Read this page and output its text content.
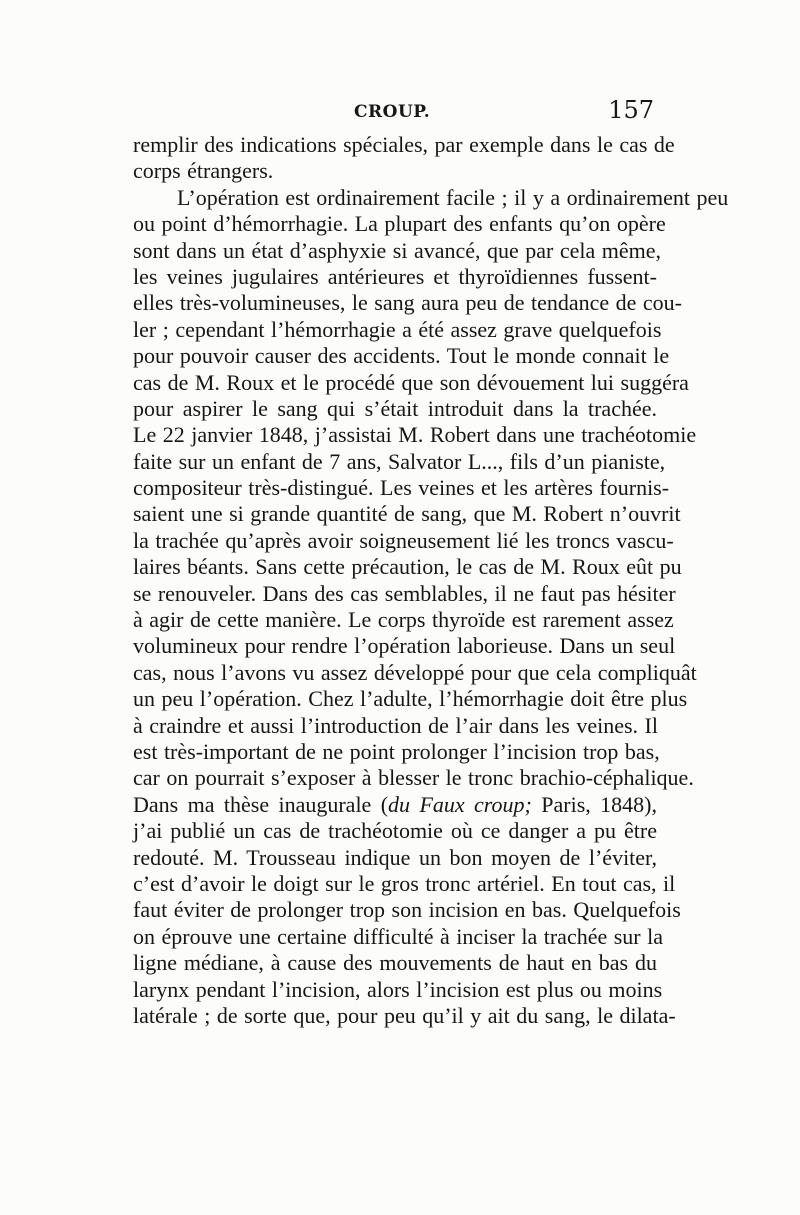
CROUP.	157
remplir des indications spéciales, par exemple dans le cas de
corps étrangers.
L’opération est ordinairement facile ; il y a ordinairement peu
ou point d’hémorrhagie. La plupart des enfants qu’on opère
sont dans un état d’asphyxie si avancé, que par cela même,
les veines jugulaires antérieures et thyroïdiennes fussent-
elles très-volumineuses, le sang aura peu de tendance de cou-
ler ; cependant l’hémorrhagie a été assez grave quelquefois
pour pouvoir causer des accidents. Tout le monde connait le
cas de M. Roux et le procédé que son dévouement lui suggéra
pour aspirer le sang qui s’était introduit dans la trachée.
Le 22 janvier 1848, j’assistai M. Robert dans une trachéotomie
faite sur un enfant de 7 ans, Salvator L..., fils d’un pianiste,
compositeur très-distingué. Les veines et les artères fournis-
saient une si grande quantité de sang, que M. Robert n’ouvrit
la trachée qu’après avoir soigneusement lié les troncs vascu-
laires béants. Sans cette précaution, le cas de M. Roux eût pu
se renouveler. Dans des cas semblables, il ne faut pas hésiter
à agir de cette manière. Le corps thyroïde est rarement assez
volumineux pour rendre l’opération laborieuse. Dans un seul
cas, nous l’avons vu assez développé pour que cela compliquât
un peu l’opération. Chez l’adulte, l’hémorrhagie doit être plus
à craindre et aussi l’introduction de l’air dans les veines. Il
est très-important de ne point prolonger l’incision trop bas,
car on pourrait s’exposer à blesser le tronc brachio-céphalique.
Dans ma thèse inaugurale (du Faux croup; Paris, 1848),
j’ai publié un cas de trachéotomie où ce danger a pu être
redouté. M. Trousseau indique un bon moyen de l’éviter,
c’est d’avoir le doigt sur le gros tronc artériel. En tout cas, il
faut éviter de prolonger trop son incision en bas. Quelquefois
on éprouve une certaine difficulté à inciser la trachée sur la
ligne médiane, à cause des mouvements de haut en bas du
larynx pendant l’incision, alors l’incision est plus ou moins
latérale ; de sorte que, pour peu qu’il y ait du sang, le dilata-
